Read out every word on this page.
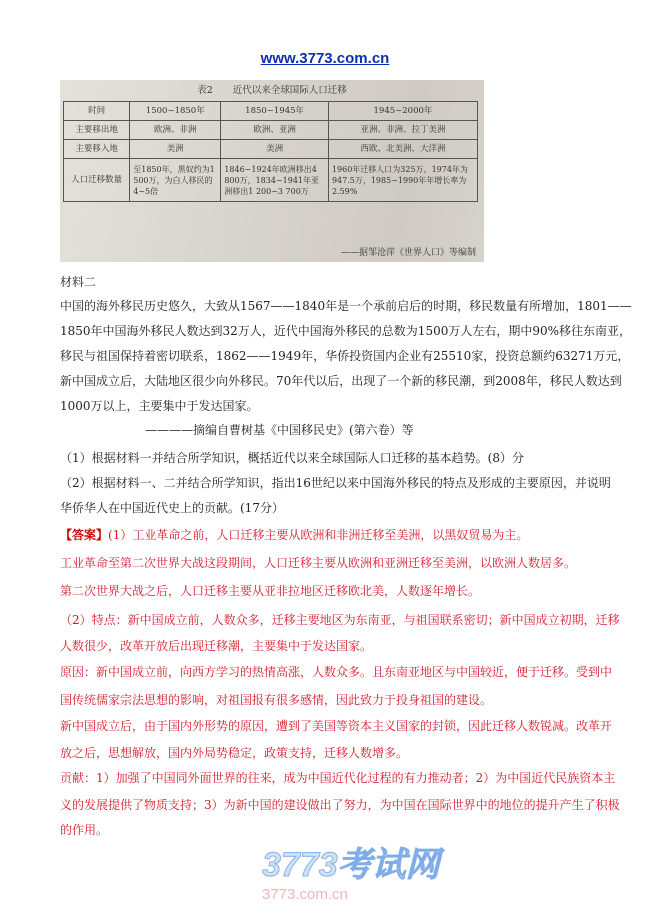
www.3773.com.cn
表2 近代以来全球国际人口迁移
时间	1500~1850年	1850~1945年	1945~2000年
主要移出地	欧洲、非洲	欧洲、亚洲	亚洲、非洲、拉丁美洲
主要移入地	美洲	美洲	西欧、北美洲、大洋洲
人口迁移数量	至1850年，黑奴约为1 500万，为白人移民的4~5倍	1846~1924年欧洲移出4 800万，1834~1941年亚洲移出1 200~3 700万	1960年迁移人口为325万，1974年为947.5万，1985~1990年年增长率为2.59%
——据邹沧萍《世界人口》等编制
材料二
中国的海外移民历史悠久，大致从1567——1840年是一个承前启后的时期，移民数量有所增加，1801——
1850年中国海外移民人数达到32万人，近代中国海外移民的总数为1500万人左右，期中90%移往东南亚，
移民与祖国保持着密切联系，1862——1949年，华侨投资国内企业有25510家，投资总额约63271万元，
新中国成立后，大陆地区很少向外移民。70年代以后，出现了一个新的移民潮，到2008年，移民人数达到
1000万以上，主要集中于发达国家。
————摘编自曹树基《中国移民史》(第六卷）等
（1）根据材料一并结合所学知识，概括近代以来全球国际人口迁移的基本趋势。(8）分
（2）根据材料一、二并结合所学知识，指出16世纪以来中国海外移民的特点及形成的主要原因，并说明
华侨华人在中国近代史上的贡献。(17分）
【答案】(1）工业革命之前，人口迁移主要从欧洲和非洲迁移至美洲，以黑奴贸易为主。
工业革命至第二次世界大战这段期间，人口迁移主要从欧洲和亚洲迁移至美洲，以欧洲人数居多。
第二次世界大战之后，人口迁移主要从亚非拉地区迁移欧北美，人数逐年增长。
（2）特点：新中国成立前，人数众多，迁移主要地区为东南亚，与祖国联系密切；新中国成立初期，迁移
人数很少，改革开放后出现迁移潮，主要集中于发达国家。
原因：新中国成立前，向西方学习的热情高涨，人数众多。且东南亚地区与中国较近，便于迁移。受到中
国传统儒家宗法思想的影响，对祖国报有很多感情，因此致力于投身祖国的建设。
新中国成立后，由于国内外形势的原因，遭到了美国等资本主义国家的封锁，因此迁移人数锐减。改革开
放之后，思想解放，国内外局势稳定，政策支持，迁移人数增多。
贡献：1）加强了中国同外面世界的往来，成为中国近代化过程的有力推动者；2）为中国近代民族资本主
义的发展提供了物质支持；3）为新中国的建设做出了努力，为中国在国际世界中的地位的提升产生了积极
的作用。
3773考试网
3773.com.cn
